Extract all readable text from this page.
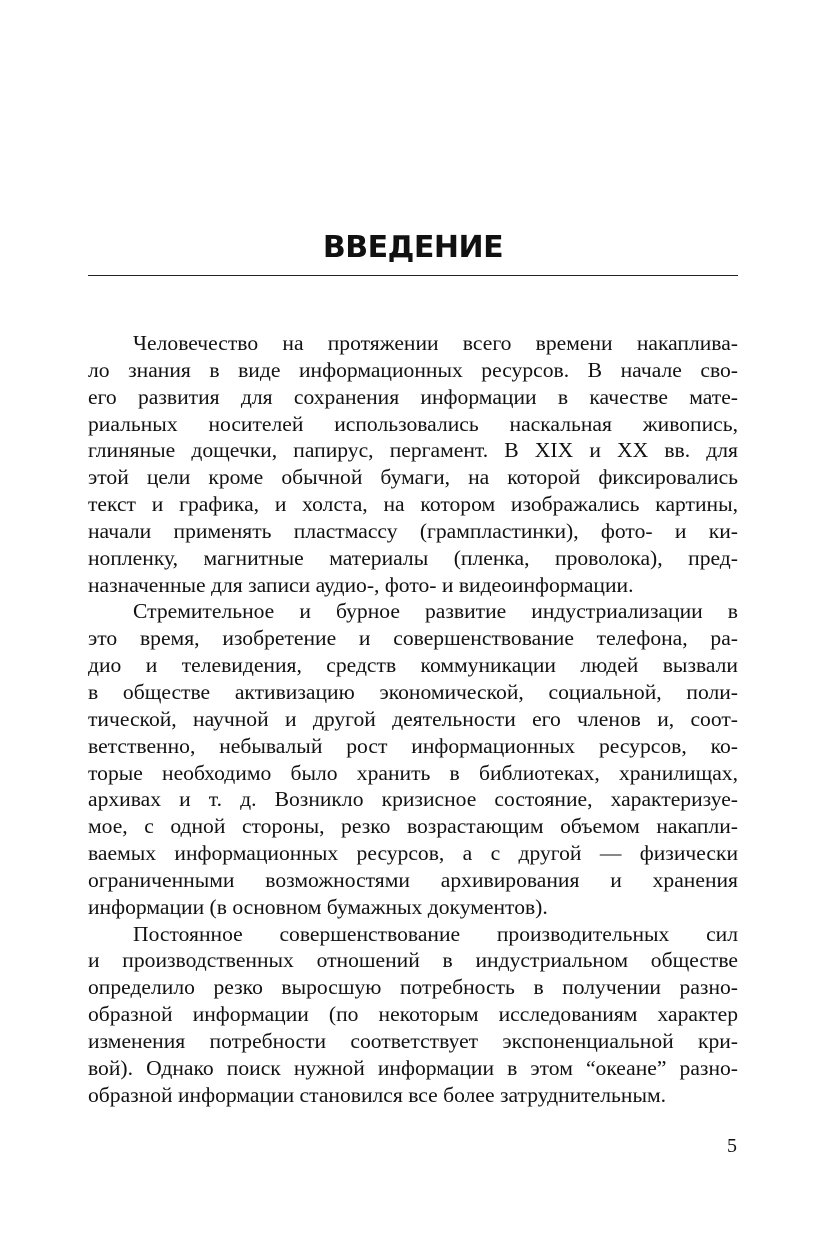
ВВЕДЕНИЕ
Человечество на протяжении всего времени накаплива-
ло знания в виде информационных ресурсов. В начале сво-
его развития для сохранения информации в качестве мате-
риальных носителей использовались наскальная живопись,
глиняные дощечки, папирус, пергамент. В XIX и XX вв. для
этой цели кроме обычной бумаги, на которой фиксировались
текст и графика, и холста, на котором изображались картины,
начали применять пластмассу (грампластинки), фото- и ки-
нопленку, магнитные материалы (пленка, проволока), пред-
назначенные для записи аудио-, фото- и видеоинформации.
Стремительное и бурное развитие индустриализации в
это время, изобретение и совершенствование телефона, ра-
дио и телевидения, средств коммуникации людей вызвали
в обществе активизацию экономической, социальной, поли-
тической, научной и другой деятельности его членов и, соот-
ветственно, небывалый рост информационных ресурсов, ко-
торые необходимо было хранить в библиотеках, хранилищах,
архивах и т. д. Возникло кризисное состояние, характеризуе-
мое, с одной стороны, резко возрастающим объемом накапли-
ваемых информационных ресурсов, а с другой — физически
ограниченными возможностями архивирования и хранения
информации (в основном бумажных документов).
Постоянное совершенствование производительных сил
и производственных отношений в индустриальном обществе
определило резко выросшую потребность в получении разно-
образной информации (по некоторым исследованиям характер
изменения потребности соответствует экспоненциальной кри-
вой). Однако поиск нужной информации в этом “океане” разно-
образной информации становился все более затруднительным.
5
